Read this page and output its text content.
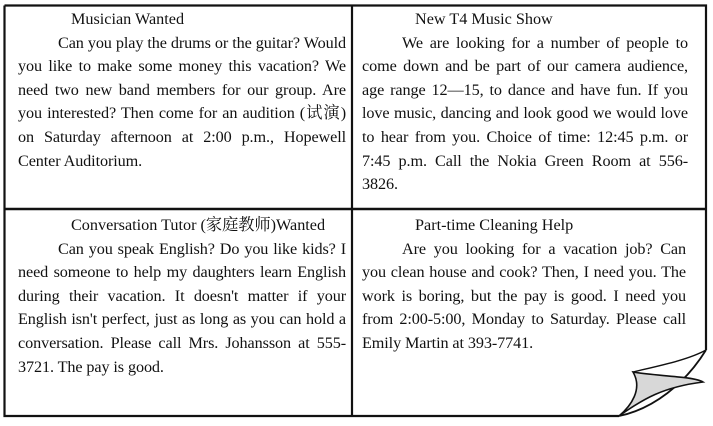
Musician Wanted
Can you play the drums or the guitar? Would you like to make some money this vacation? We need two new band members for our group. Are you interested? Then come for an audition (试演) on Saturday afternoon at 2:00 p.m., Hopewell Center Auditorium.
New T4 Music Show
We are looking for a number of people to come down and be part of our camera audience, age range 12—15, to dance and have fun. If you love music, dancing and look good we would love to hear from you. Choice of time: 12:45 p.m. or 7:45 p.m. Call the Nokia Green Room at 556-3826.
Conversation Tutor (家庭教师)Wanted
Can you speak English? Do you like kids? I need someone to help my daughters learn English during their vacation. It doesn't matter if your English isn't perfect, just as long as you can hold a conversation. Please call Mrs. Johansson at 555-3721. The pay is good.
Part-time Cleaning Help
Are you looking for a vacation job? Can you clean house and cook? Then, I need you. The work is boring, but the pay is good. I need you from 2:00-5:00, Monday to Saturday. Please call Emily Martin at 393-7741.
